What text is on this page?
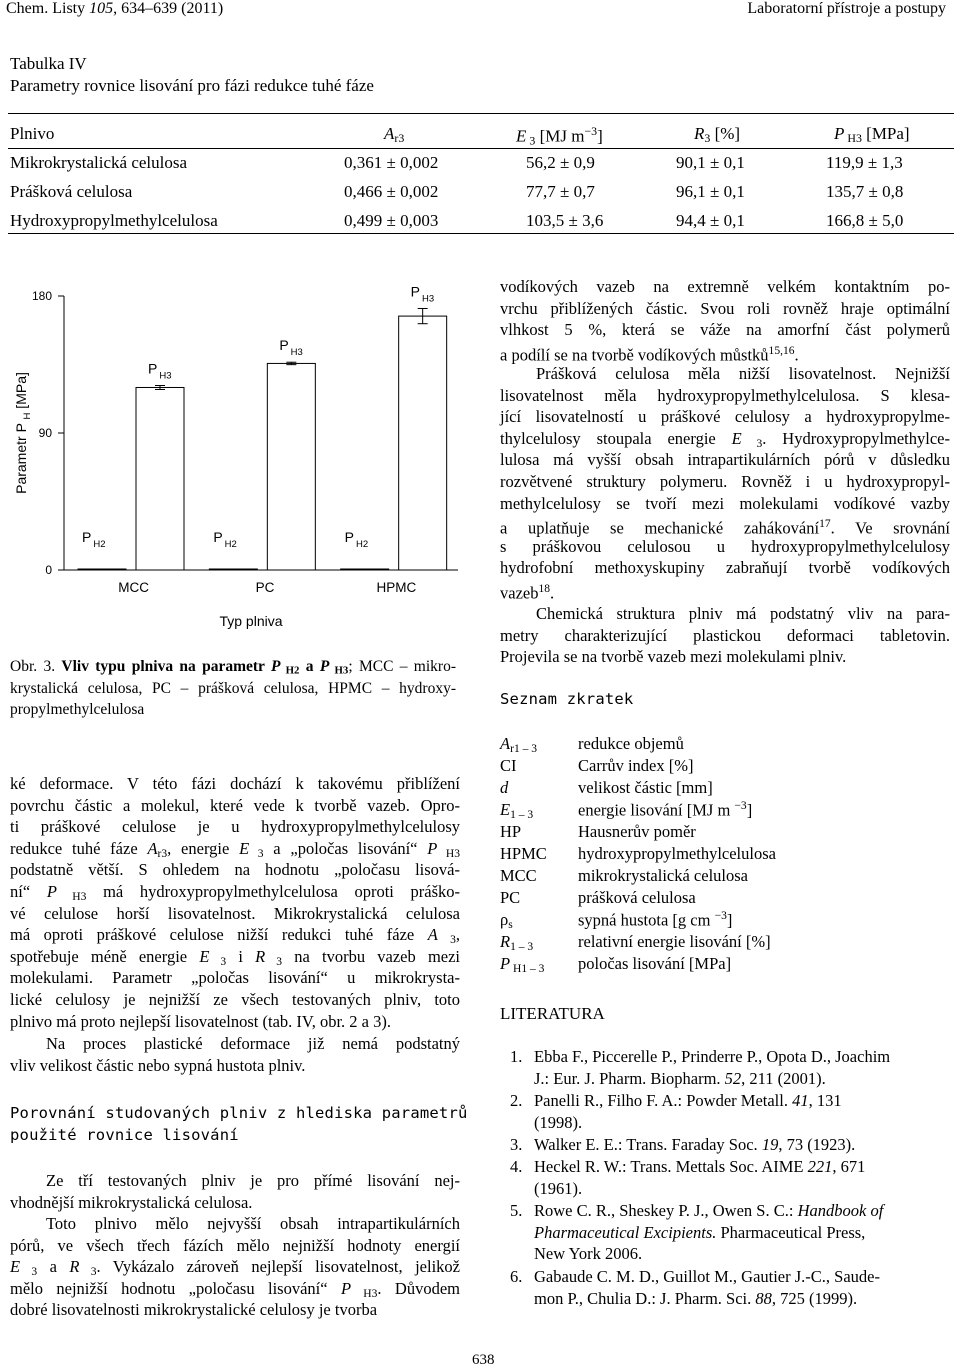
Chem. Listy 105, 634–639 (2011)	Laboratorní přístroje a postupy
Tabulka IV
Parametry rovnice lisování pro fázi redukce tuhé fáze
Plnivo	$A_{r3}$	E $_3$ [MJ $m^{-3}$]	$R_3$ [%]	P $_{H3}$ [MPa]
Mikrokrystalická celulosa	0,361 ± 0,002	56,2 ± 0,9	90,1 ± 0,1	119,9 ± 1,3
Prášková celulosa	0,466 ± 0,002	77,7 ± 0,7	96,1 ± 0,1	135,7 ± 0,8
Hydroxypropylmethylcelulosa	0,499 ± 0,003	103,5 ± 3,6	94,4 ± 0,1	166,8 ± 5,0
0
90
180
Parametr P $_H$ [MPa]
P $_{H2}$
P $_{H3}$
MCC
P $_{H2}$
P $_{H3}$
PC
P $_{H2}$
P $_{H3}$
HPMC
Typ plniva
Obr. 3. Vliv typu plniva na parametr P $_{H2}$ a P $_{H3}$; MCC – mikro-
krystalická celulosa, PC – prášková celulosa, HPMC – hydroxy-
propylmethylcelulosa
ké deformace. V této fázi dochází k takovému přiblížení
povrchu částic a molekul, které vede k tvorbě vazeb. Opro-
ti práškové celulose je u hydroxypropylmethylcelulosy
redukce tuhé fáze $A_{r3}$, energie E $_3$ a „poločas lisování“ P $_{H3}$
podstatně větší. S ohledem na hodnotu „poločasu lisová-
ní“ P $_{H3}$ má hydroxypropylmethylcelulosa oproti práško-
vé celulose horší lisovatelnost. Mikrokrystalická celulosa
má oproti práškové celulose nižší redukci tuhé fáze A $_3$,
spotřebuje méně energie E $_3$ i R $_3$ na tvorbu vazeb mezi
molekulami. Parametr „poločas lisování“ u mikrokrysta-
lické celulosy je nejnižší ze všech testovaných plniv, toto
plnivo má proto nejlepší lisovatelnost (tab. IV, obr. 2 a 3).
Na proces plastické deformace již nemá podstatný
vliv velikost částic nebo sypná hustota plniv.
Porovnání studovaných plniv z hlediska parametrů
použité rovnice lisování
Ze tří testovaných plniv je pro přímé lisování nej-
vhodnější mikrokrystalická celulosa.
Toto plnivo mělo nejvyšší obsah intrapartikulárních
pórů, ve všech třech fázích mělo nejnižší hodnoty energií
E $_3$ a R $_3$. Vykázalo zároveň nejlepší lisovatelnost, jelikož
mělo nejnižší hodnotu „poločasu lisování“ P $_{H3}$. Důvodem
dobré lisovatelnosti mikrokrystalické celulosy je tvorba
vodíkových vazeb na extremně velkém kontaktním po-
vrchu přiblížených částic. Svou roli rovněž hraje optimální
vlhkost 5 %, která se váže na amorfní část polymerů
a podílí se na tvorbě vodíkových můstků$^{15,16}$.
Prášková celulosa měla nižší lisovatelnost. Nejnižší
lisovatelnost měla hydroxypropylmethylcelulosa. S klesa-
jící lisovatelností u práškové celulosy a hydroxypropylme-
thylcelulosy stoupala energie E $_3$. Hydroxypropylmethylce-
lulosa má vyšší obsah intrapartikulárních pórů v důsledku
rozvětvené struktury polymeru. Rovněž i u hydroxypropyl-
methylcelulosy se tvoří mezi molekulami vodíkové vazby
a uplatňuje se mechanické zahákování$^{17}$. Ve srovnání
s práškovou celulosou u hydroxypropylmethylcelulosy
hydrofobní methoxyskupiny zabraňují tvorbě vodíkových
vazeb$^{18}$.
Chemická struktura plniv má podstatný vliv na para-
metry charakterizující plastickou deformaci tabletovin.
Projevila se na tvorbě vazeb mezi molekulami plniv.
Seznam zkratek
$A_{r1 - 3}$ redukce objemů
CI	Carrův index [%]
d	velikost částic [mm]
$E_{1 - 3}$	energie lisování [MJ m $^{-3}$]
HP	Hausnerův poměr
HPMC hydroxypropylmethylcelulosa
MCC	mikrokrystalická celulosa
PC	prášková celulosa
$\rho_s$	sypná hustota [g cm $^{-3}$]
$R_{1 - 3}$	relativní energie lisování [%]
P $_{H1 - 3}$ poločas lisování [MPa]
LITERATURA
1. Ebba F., Piccerelle P., Prinderre P., Opota D., Joachim
J.: Eur. J. Pharm. Biopharm. 52, 211 (2001).
2. Panelli R., Filho F. A.: Powder Metall. 41, 131
(1998).
3. Walker E. E.: Trans. Faraday Soc. 19, 73 (1923).
4. Heckel R. W.: Trans. Mettals Soc. AIME 221, 671
(1961).
5. Rowe C. R., Sheskey P. J., Owen S. C.: Handbook of
Pharmaceutical Excipients. Pharmaceutical Press,
New York 2006.
6. Gabaude C. M. D., Guillot M., Gautier J.-C., Saude-
mon P., Chulia D.: J. Pharm. Sci. 88, 725 (1999).
638
